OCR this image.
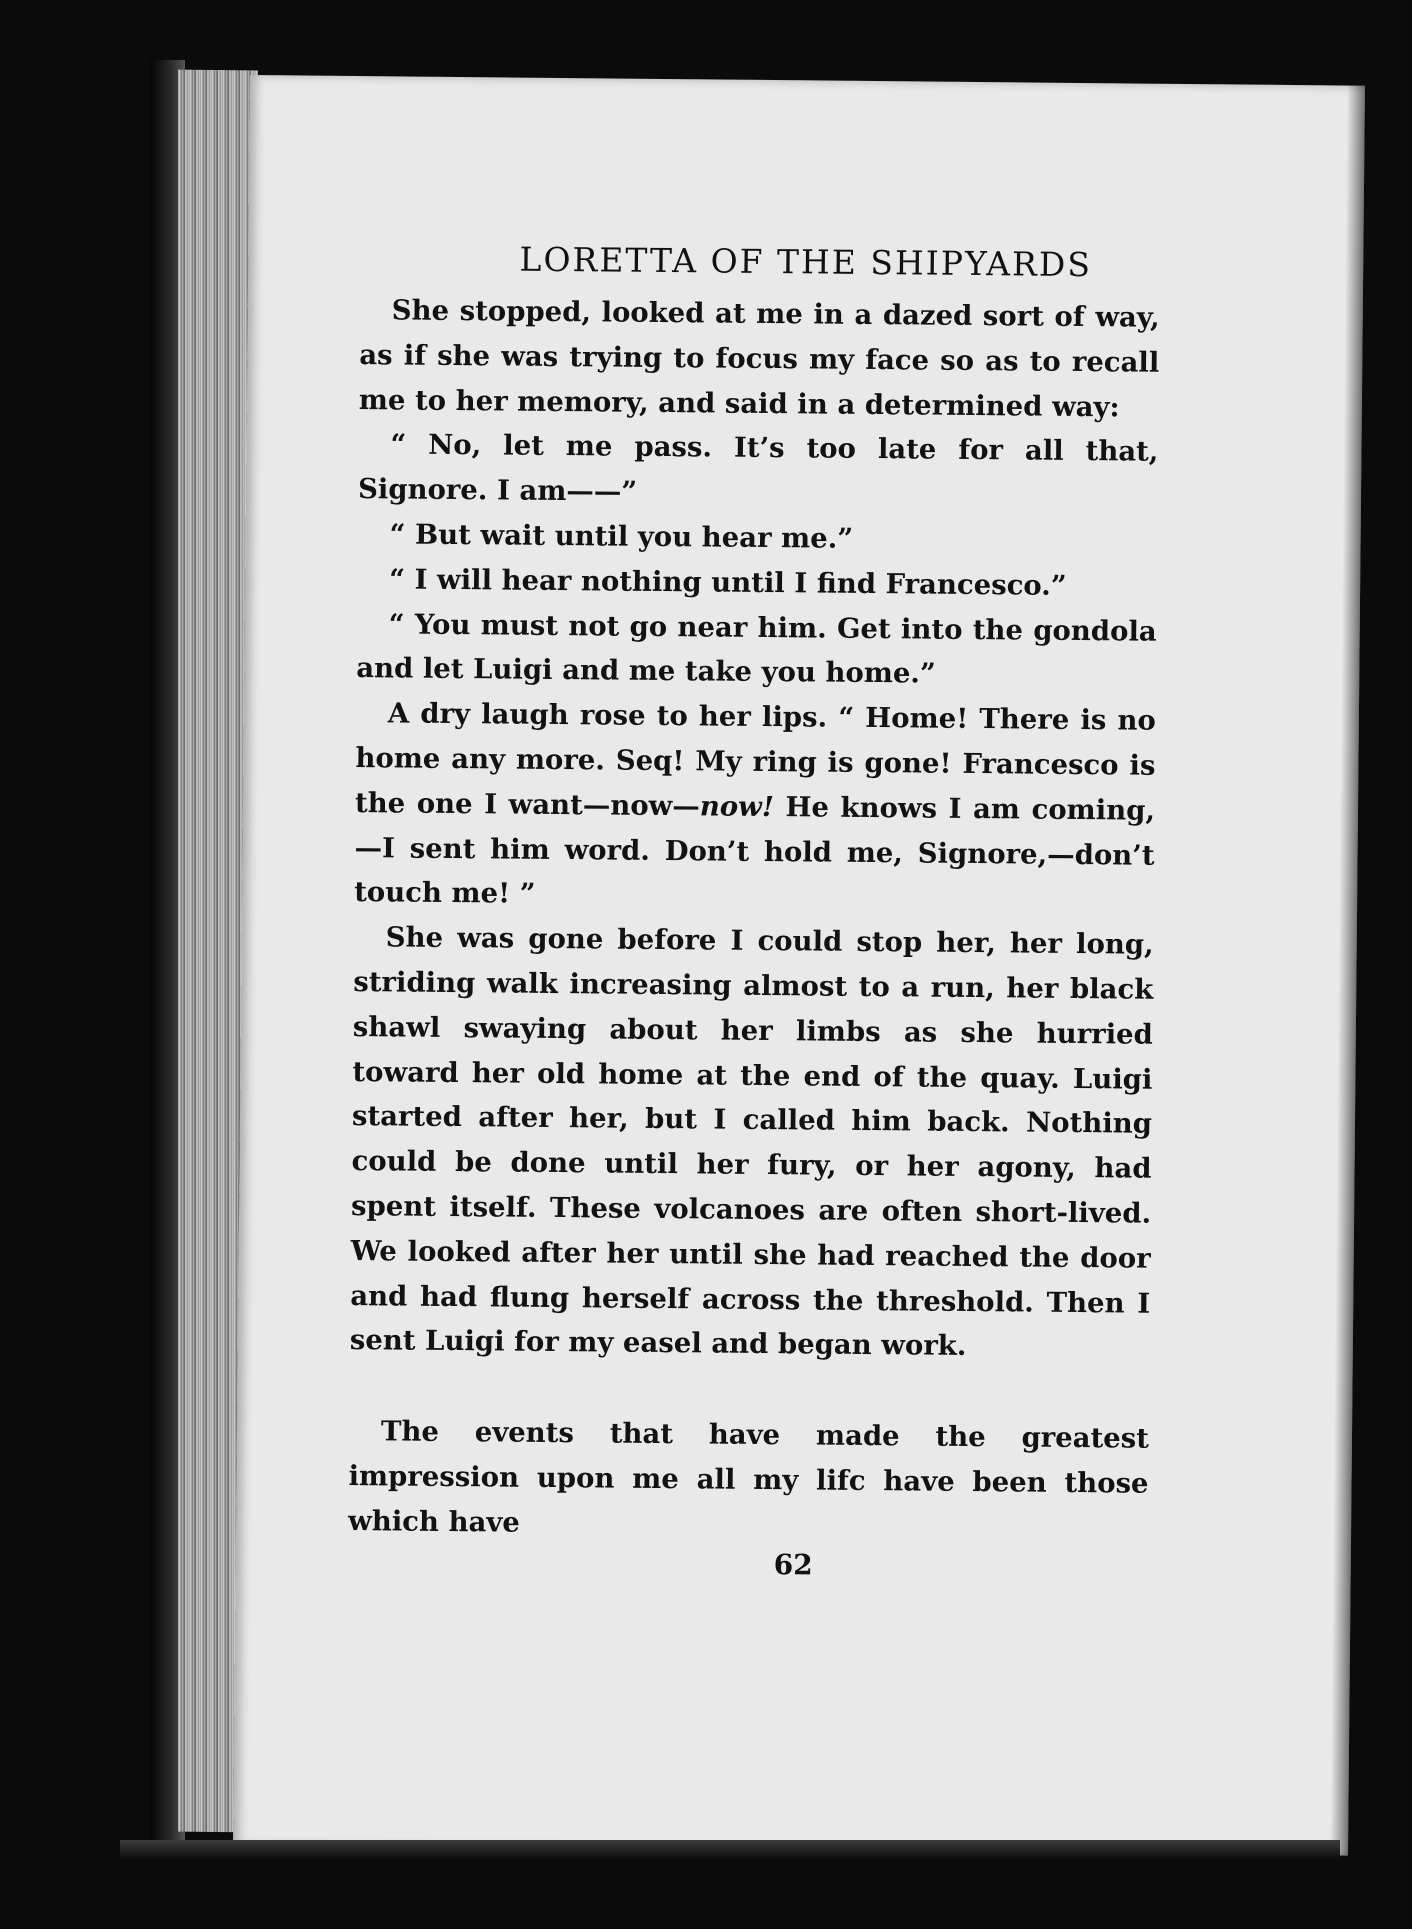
LORETTA OF THE SHIPYARDS

She stopped, looked at me in a dazed sort of way, as if she was trying to focus my face so as to recall me to her memory, and said in a determined way:

“ No, let me pass. It’s too late for all that, Signore. I am——”

“ But wait until you hear me.”

“ I will hear nothing until I find Francesco.”

“ You must not go near him. Get into the gondola and let Luigi and me take you home.”

A dry laugh rose to her lips. “ Home! There is no home any more. Seq! My ring is gone! Francesco is the one I want—now—now! He knows I am coming,—I sent him word. Don’t hold me, Signore,—don’t touch me! ”

She was gone before I could stop her, her long, striding walk increasing almost to a run, her black shawl swaying about her limbs as she hurried toward her old home at the end of the quay. Luigi started after her, but I called him back. Nothing could be done until her fury, or her agony, had spent itself. These volcanoes are often short-lived. We looked after her until she had reached the door and had flung herself across the threshold. Then I sent Luigi for my easel and began work.

The events that have made the greatest impression upon me all my lifc have been those which have

62
